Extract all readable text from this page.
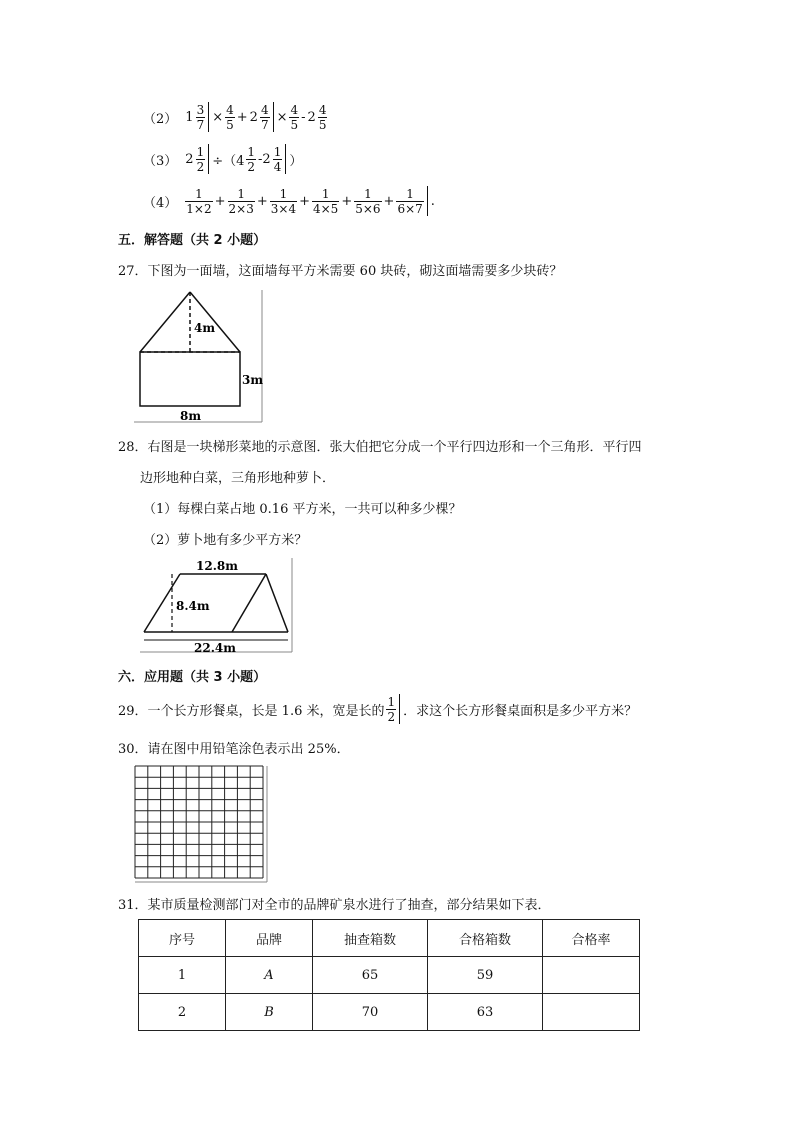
（2） $1 \frac{3}{7} \times \frac{4}{5} + 2 \frac{4}{7} \times \frac{4}{5} - 2 \frac{4}{5}$
（3） $2 \frac{1}{2} \div(4 \frac{1}{2} -2 \frac{1}{4}$ ）
$(4) \frac{1}{1\times 2} + \frac{1}{2\times 3} + \frac{1}{3\times 4} + \frac{1}{4\times 5} + \frac{1}{5\times 6} + \frac{1}{6\times 7}$ .
五．解答题（共 2 小题）
27．下图为一面墙，这面墙每平方米需要 60 块砖，砌这面墙需要多少块砖？
4m
3m
8m
28．右图是一块梯形菜地的示意图．张大伯把它分成一个平行四边形和一个三角形．平行四
边形地种白菜，三角形地种萝卜．
（1）每棵白菜占地 0.16 平方米，一共可以种多少棵？
（2）萝卜地有多少平方米？
12.8m
8.4m
22.4m
六．应用题（共 3 小题）
29．一个长方形餐桌，长是 1.6 米，宽是长的 $\frac{1}{2}$ ．求这个长方形餐桌面积是多少平方米？
30．请在图中用铅笔涂色表示出 25%．
31．某市质量检测部门对全市的品牌矿泉水进行了抽查，部分结果如下表．
序号	品牌	抽查箱数	合格箱数	合格率
1	A	65	59	
2	B	70	63	
